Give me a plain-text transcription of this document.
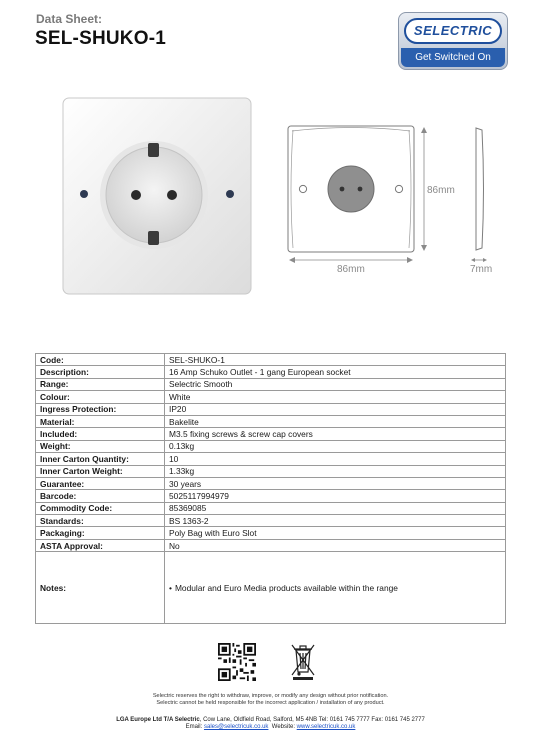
Data Sheet:
SEL-SHUKO-1	SELECTRIC
Get Switched On
86mm
86mm	7mm
Code:	SEL-SHUKO-1
Description:	16 Amp Schuko Outlet - 1 gang European socket
Range:	Selectric Smooth
Colour:	White
Ingress Protection:	IP20
Material:	Bakelite
Included:	M3.5 fixing screws & screw cap covers
Weight:	0.13kg
Inner Carton Quantity:	10
Inner Carton Weight:	1.33kg
Guarantee:	30 years
Barcode:	5025117994979
Commodity Code:	85369085
Standards:	BS 1363-2
Packaging:	Poly Bag with Euro Slot
ASTA Approval:	No
Notes:	• Modular and Euro Media products available within the range
Selectric reserves the right to withdraw, improve, or modify any design without prior notification.
Selectric cannot be held responsible for the incorrect application / installation of any product.
LGA Europe Ltd T/A Selectric, Cow Lane, Oldfield Road, Salford, M5 4NB Tel: 0161 745 7777 Fax: 0161 745 2777
Email: sales@selectricuk.co.uk  Website: www.selectricuk.co.uk
